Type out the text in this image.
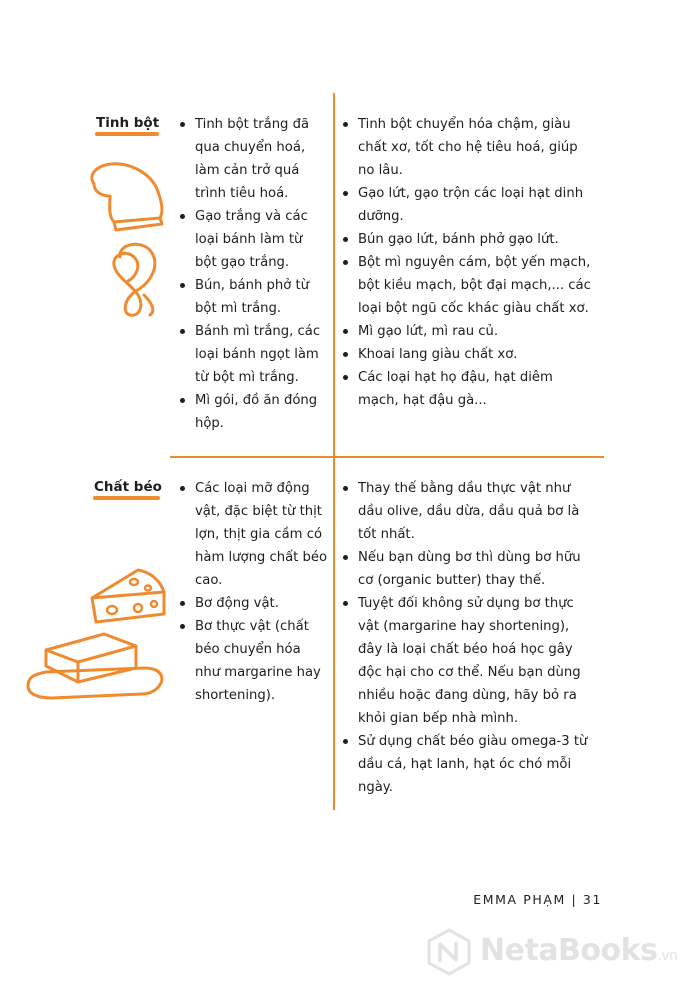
Tinh bột	Tinh bột trắng đã qua chuyển hoá, làm cản trở quá trình tiêu hoá.
Gạo trắng và các loại bánh làm từ bột gạo trắng.
Bún, bánh phở từ bột mì trắng.
Bánh mì trắng, các loại bánh ngọt làm từ bột mì trắng.
Mì gói, đồ ăn đóng hộp.
Tinh bột chuyển hóa chậm, giàu chất xơ, tốt cho hệ tiêu hoá, giúp no lâu.
Gạo lứt, gạo trộn các loại hạt dinh dưỡng.
Bún gạo lứt, bánh phở gạo lứt.
Bột mì nguyên cám, bột yến mạch, bột kiều mạch, bột đại mạch,... các loại bột ngũ cốc khác giàu chất xơ.
Mì gạo lứt, mì rau củ.
Khoai lang giàu chất xơ.
Các loại hạt họ đậu, hạt diêm mạch, hạt đậu gà...
Chất béo	Các loại mỡ động vật, đặc biệt từ thịt lợn, thịt gia cầm có hàm lượng chất béo cao.
Bơ động vật.
Bơ thực vật (chất béo chuyển hóa như margarine hay shortening).
Thay thế bằng dầu thực vật như dầu olive, dầu dừa, dầu quả bơ là tốt nhất.
Nếu bạn dùng bơ thì dùng bơ hữu cơ (organic butter) thay thế.
Tuyệt đối không sử dụng bơ thực vật (margarine hay shortening), đây là loại chất béo hoá học gây độc hại cho cơ thể. Nếu bạn dùng nhiều hoặc đang dùng, hãy bỏ ra khỏi gian bếp nhà mình.
Sử dụng chất béo giàu omega-3 từ dầu cá, hạt lanh, hạt óc chó mỗi ngày.
EMMA PHẠM | 31
NetaBooks.vn
